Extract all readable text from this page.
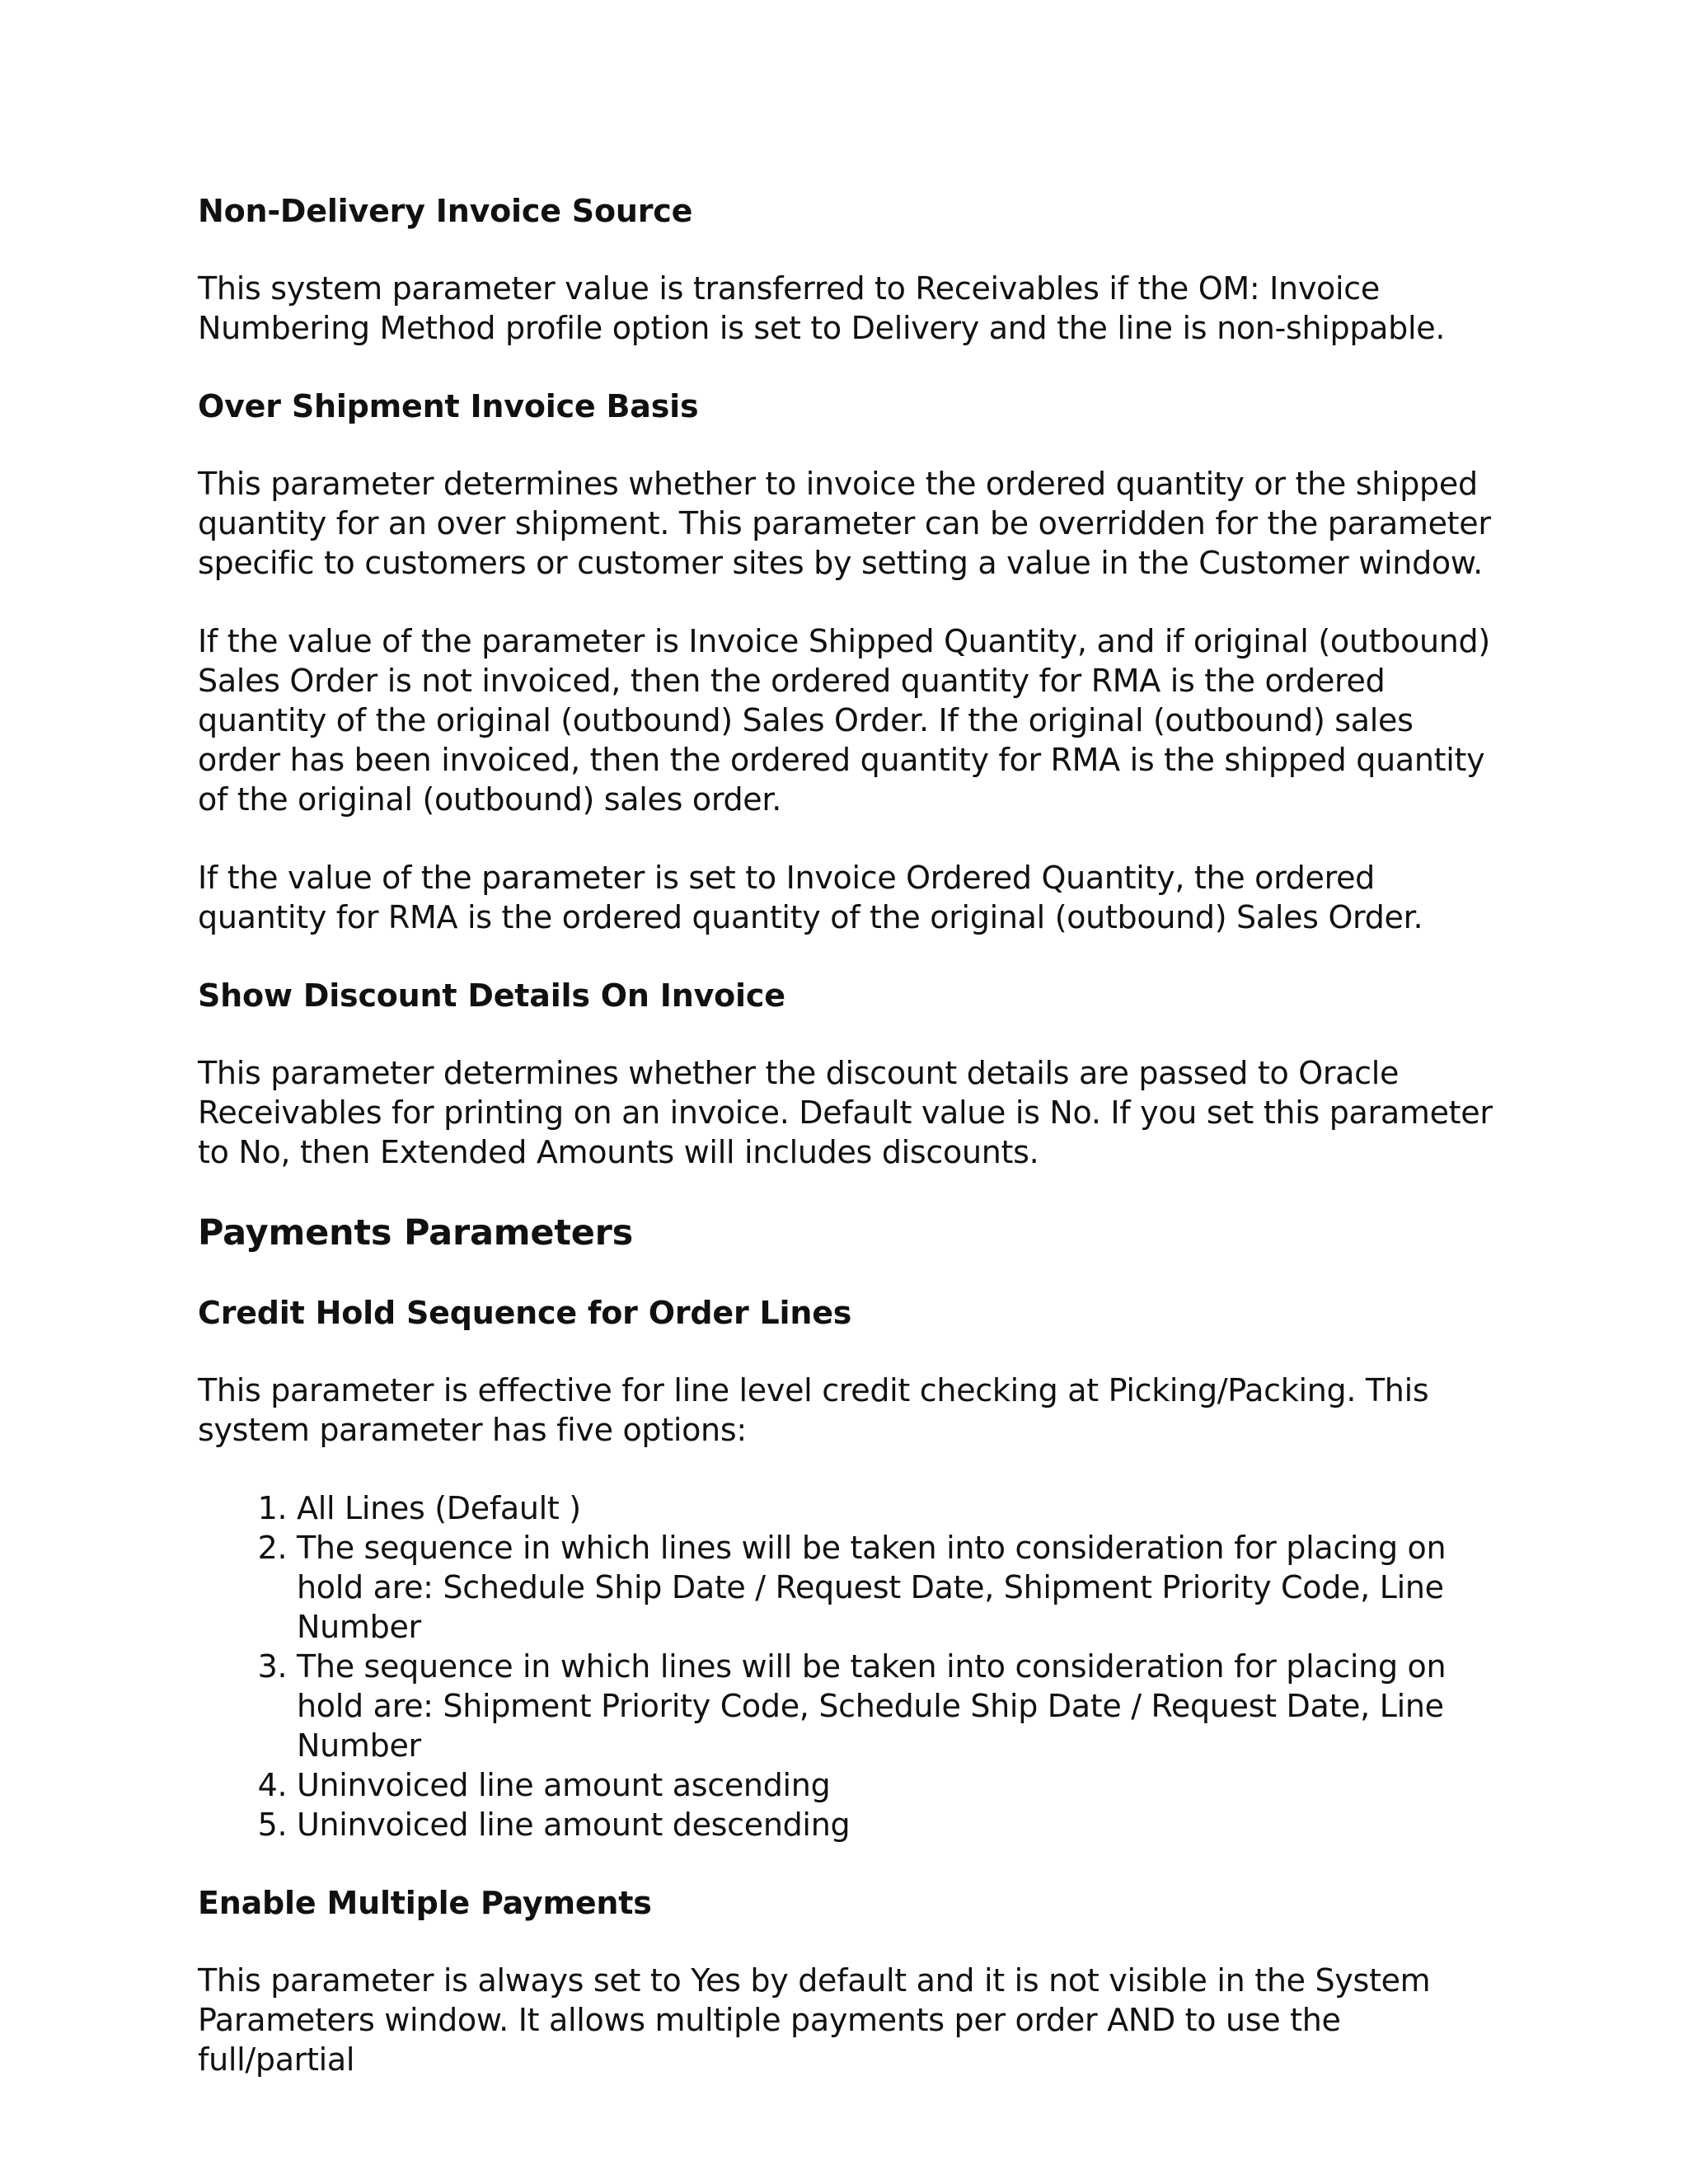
Non-Delivery Invoice Source

This system parameter value is transferred to Receivables if the OM: Invoice Numbering Method profile option is set to Delivery and the line is non-shippable.

Over Shipment Invoice Basis

This parameter determines whether to invoice the ordered quantity or the shipped quantity for an over shipment. This parameter can be overridden for the parameter specific to customers or customer sites by setting a value in the Customer window.

If the value of the parameter is Invoice Shipped Quantity, and if original (outbound) Sales Order is not invoiced, then the ordered quantity for RMA is the ordered quantity of the original (outbound) Sales Order. If the original (outbound) sales order has been invoiced, then the ordered quantity for RMA is the shipped quantity of the original (outbound) sales order.

If the value of the parameter is set to Invoice Ordered Quantity, the ordered quantity for RMA is the ordered quantity of the original (outbound) Sales Order.

Show Discount Details On Invoice

This parameter determines whether the discount details are passed to Oracle Receivables for printing on an invoice. Default value is No. If you set this parameter to No, then Extended Amounts will includes discounts.

Payments Parameters
Credit Hold Sequence for Order Lines

This parameter is effective for line level credit checking at Picking/Packing. This system parameter has five options:

1. All Lines (Default )
2. The sequence in which lines will be taken into consideration for placing on hold are: Schedule Ship Date / Request Date, Shipment Priority Code, Line Number
3. The sequence in which lines will be taken into consideration for placing on hold are: Shipment Priority Code, Schedule Ship Date / Request Date, Line Number
4. Uninvoiced line amount ascending
5. Uninvoiced line amount descending
Enable Multiple Payments

This parameter is always set to Yes by default and it is not visible in the System Parameters window. It allows multiple payments per order AND to use the full/partial
